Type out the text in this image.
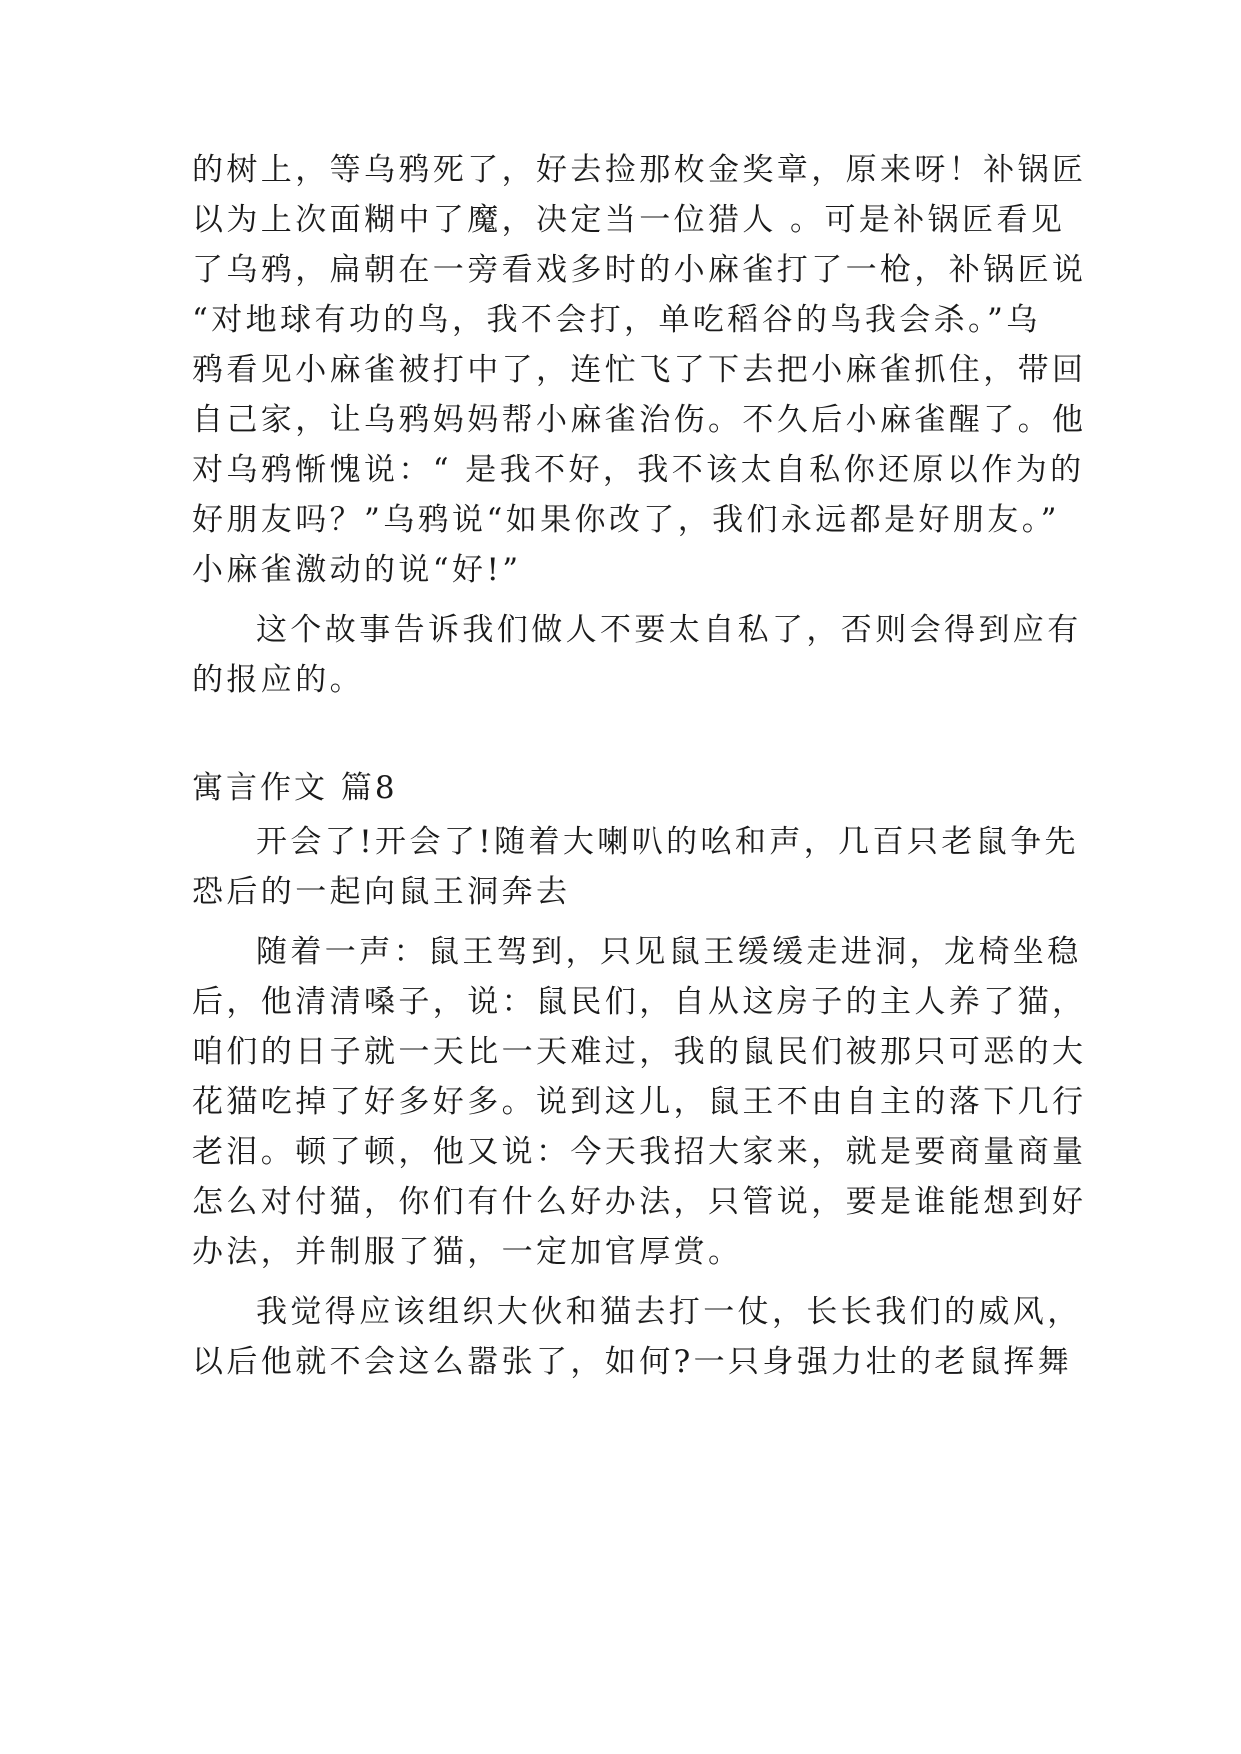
的树上，等乌鸦死了，好去捡那枚金奖章，原来呀！补锅匠
以为上次面糊中了魔，决定当一位猎人 。可是补锅匠看见
了乌鸦，扁朝在一旁看戏多时的小麻雀打了一枪，补锅匠说
“对地球有功的鸟，我不会打，单吃稻谷的鸟我会杀。”乌
鸦看见小麻雀被打中了，连忙飞了下去把小麻雀抓住，带回
自己家，让乌鸦妈妈帮小麻雀治伤。不久后小麻雀醒了。他
对乌鸦惭愧说：“ 是我不好，我不该太自私你还原以作为的
好朋友吗？”乌鸦说“如果你改了，我们永远都是好朋友。”
小麻雀激动的说“好!”
这个故事告诉我们做人不要太自私了，否则会得到应有
的报应的。
寓言作文 篇8
开会了!开会了!随着大喇叭的吆和声，几百只老鼠争先
恐后的一起向鼠王洞奔去
随着一声：鼠王驾到，只见鼠王缓缓走进洞，龙椅坐稳
后，他清清嗓子，说：鼠民们，自从这房子的主人养了猫，
咱们的日子就一天比一天难过，我的鼠民们被那只可恶的大
花猫吃掉了好多好多。说到这儿，鼠王不由自主的落下几行
老泪。顿了顿，他又说：今天我招大家来，就是要商量商量
怎么对付猫，你们有什么好办法，只管说，要是谁能想到好
办法，并制服了猫，一定加官厚赏。
我觉得应该组织大伙和猫去打一仗，长长我们的威风，
以后他就不会这么嚣张了，如何?一只身强力壮的老鼠挥舞
